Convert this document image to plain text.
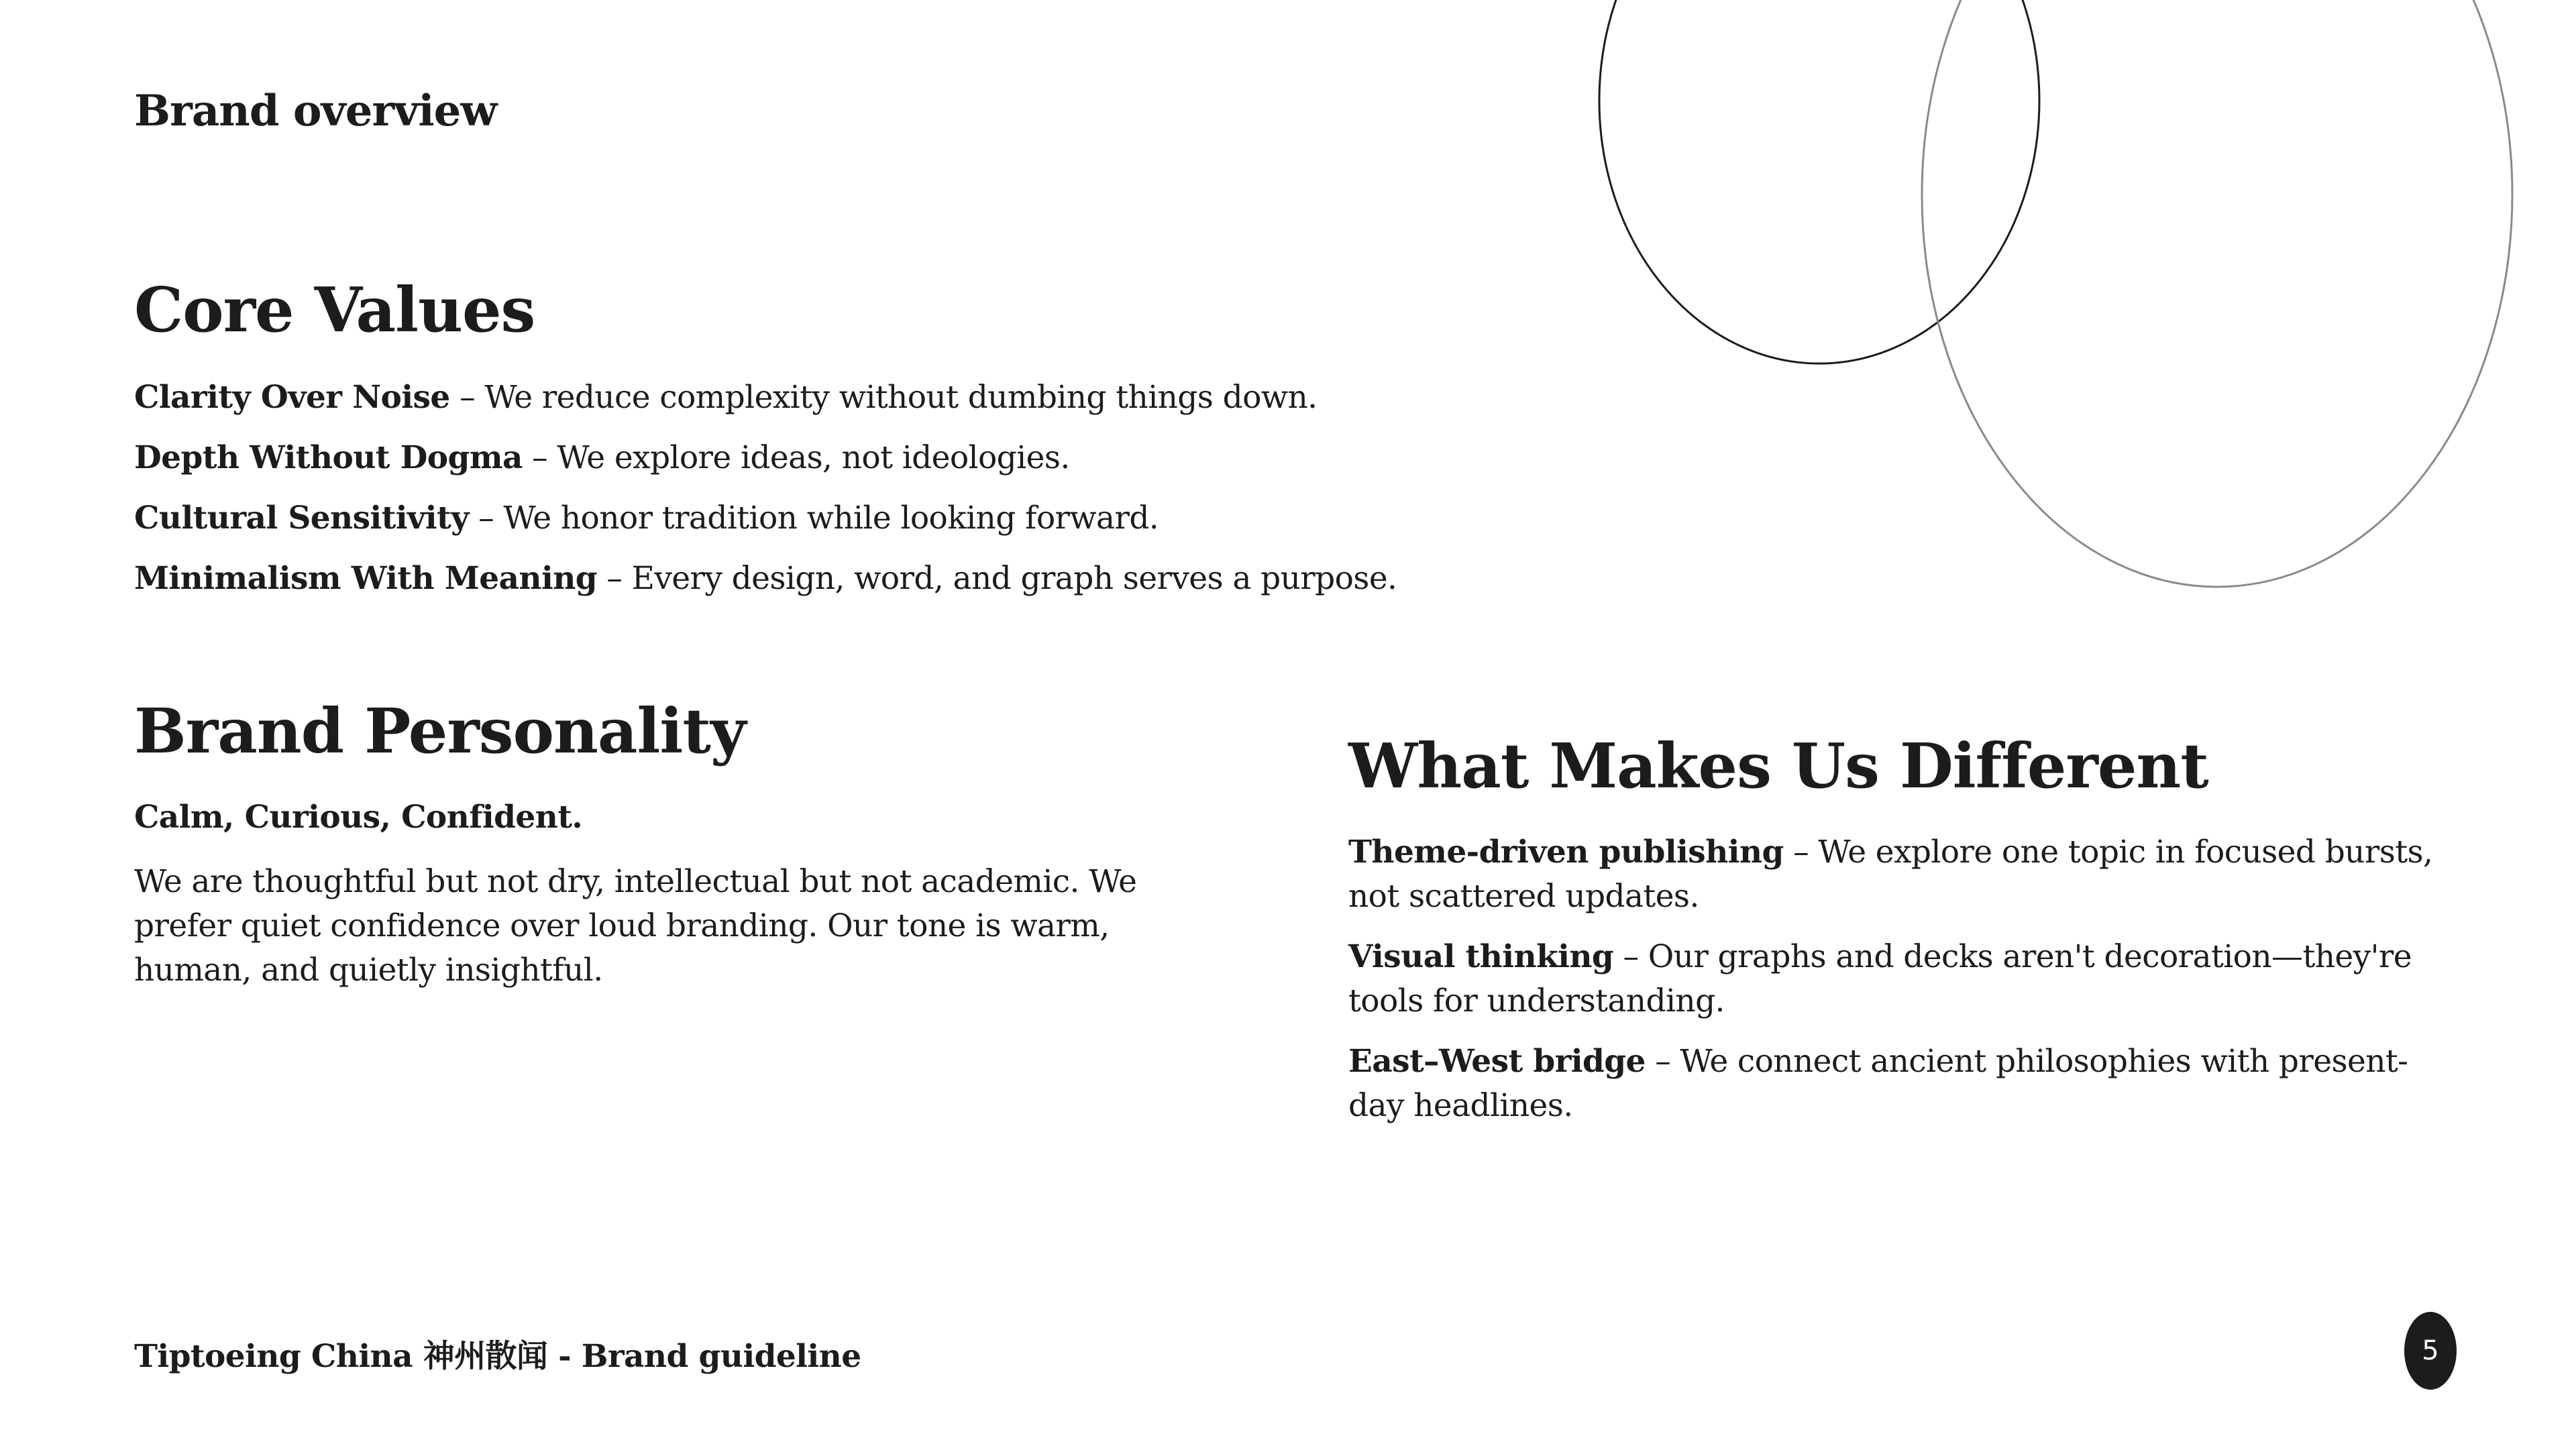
Brand overview
Core Values
Clarity Over Noise – We reduce complexity without dumbing things down.
Depth Without Dogma – We explore ideas, not ideologies.
Cultural Sensitivity – We honor tradition while looking forward.
Minimalism With Meaning – Every design, word, and graph serves a purpose.
Brand Personality

Calm, Curious, Confident.

We are thoughtful but not dry, intellectual but not academic. We prefer quiet confidence over loud branding. Our tone is warm, human, and quietly insightful.

What Makes Us Different
Theme-driven publishing – We explore one topic in focused bursts, not scattered updates.
Visual thinking – Our graphs and decks aren't decoration—they're tools for understanding.
East–West bridge – We connect ancient philosophies with present-day headlines.
Tiptoeing China 神州散闻 - Brand guideline	5
